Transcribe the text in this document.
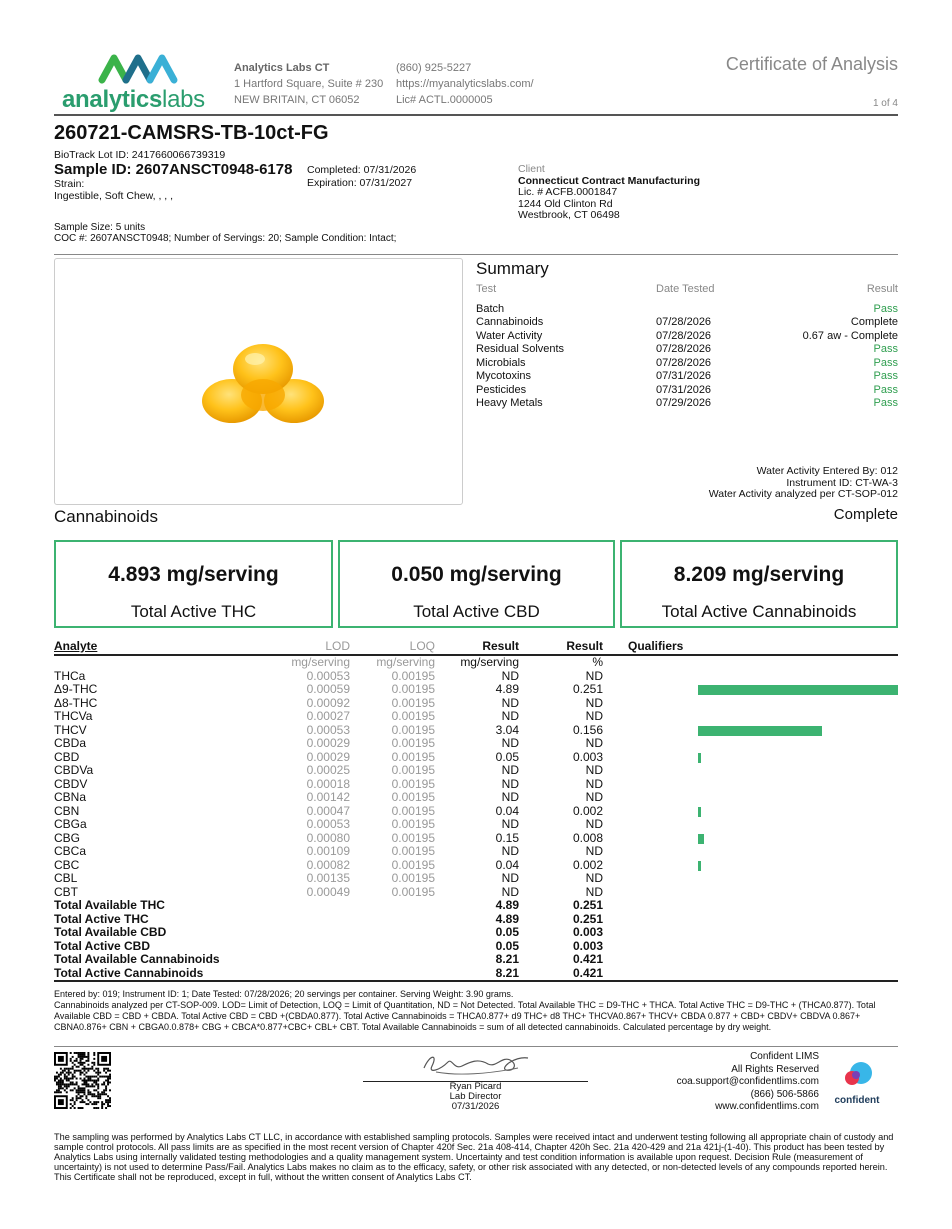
analyticslabs
Analytics Labs CT
1 Hartford Square, Suite # 230
NEW BRITAIN, CT 06052
(860) 925-5227
https://myanalyticslabs.com/
Lic# ACTL.0000005
Certificate of Analysis
1 of 4
260721-CAMSRS-TB-10ct-FG
BioTrack Lot ID: 2417660066739319
Sample ID: 2607ANSCT0948-6178
Strain:
Ingestible, Soft Chew, , , ,
Completed: 07/31/2026
Expiration: 07/31/2027
Client
Connecticut Contract Manufacturing
Lic. # ACFB.0001847
1244 Old Clinton Rd
Westbrook, CT 06498
Sample Size: 5 units
COC #: 2607ANSCT0948; Number of Servings: 20; Sample Condition: Intact;
Summary
Test	Date Tested	Result
Batch	Pass
Cannabinoids	07/28/2026	Complete
Water Activity	07/28/2026	0.67 aw - Complete
Residual Solvents	07/28/2026	Pass
Microbials	07/28/2026	Pass
Mycotoxins	07/31/2026	Pass
Pesticides	07/31/2026	Pass
Heavy Metals	07/29/2026	Pass
Water Activity Entered By: 012
Instrument ID: CT-WA-3
Water Activity analyzed per CT-SOP-012
Cannabinoids	Complete
4.893 mg/serving
Total Active THC
0.050 mg/serving
Total Active CBD
8.209 mg/serving
Total Active Cannabinoids
Analyte	LOD	LOQ	Result	Result Qualifiers
mg/serving mg/serving mg/serving	%
THCa	0.00053	0.00195	ND	ND
Δ9-THC	0.00059	0.00195	4.89	0.251
Δ8-THC	0.00092	0.00195	ND	ND
THCVa	0.00027	0.00195	ND	ND
THCV	0.00053	0.00195	3.04	0.156
CBDa	0.00029	0.00195	ND	ND
CBD	0.00029	0.00195	0.05	0.003
CBDVa	0.00025	0.00195	ND	ND
CBDV	0.00018	0.00195	ND	ND
CBNa	0.00142	0.00195	ND	ND
CBN	0.00047	0.00195	0.04	0.002
CBGa	0.00053	0.00195	ND	ND
CBG	0.00080	0.00195	0.15	0.008
CBCa	0.00109	0.00195	ND	ND
CBC	0.00082	0.00195	0.04	0.002
CBL	0.00135	0.00195	ND	ND
CBT	0.00049	0.00195	ND	ND
Total Available THC	4.89	0.251
Total Active THC	4.89	0.251
Total Available CBD	0.05	0.003
Total Active CBD	0.05	0.003
Total Available Cannabinoids	8.21	0.421
Total Active Cannabinoids	8.21	0.421
Entered by: 019; Instrument ID: 1; Date Tested: 07/28/2026; 20 servings per container. Serving Weight: 3.90 grams.
Cannabinoids analyzed per CT-SOP-009. LOD= Limit of Detection, LOQ = Limit of Quantitation, ND = Not Detected. Total Available THC = D9-THC + THCA. Total Active THC = D9-THC + (THCA0.877). Total Available CBD = CBD + CBDA. Total Active CBD = CBD +(CBDA0.877). Total Active Cannabinoids = THCA0.877+ d9 THC+ d8 THC+ THCVA0.867+ THCV+ CBDA 0.877 + CBD+ CBDV+ CBDVA 0.867+ CBNA0.876+ CBN + CBGA0.0.878+ CBG + CBCA*0.877+CBC+ CBL+ CBT. Total Available Cannabinoids = sum of all detected cannabinoids. Calculated percentage by dry weight.
Ryan Picard
Lab Director
07/31/2026
Confident LIMS
All Rights Reserved
coa.support@confidentlims.com
(866) 506-5866
www.confidentlims.com
confident
The sampling was performed by Analytics Labs CT LLC, in accordance with established sampling protocols. Samples were received intact and underwent testing following all appropriate chain of custody and sample control protocols. All pass limits are as specified in the most recent version of Chapter 420f Sec. 21a 408-414, Chapter 420h Sec. 21a 420-429 and 21a 421j-(1-40). This product has been tested by Analytics Labs using internally validated testing methodologies and a quality management system. Uncertainty and test condition information is available upon request. Decision Rule (measurement of uncertainty) is not used to determine Pass/Fail. Analytics Labs makes no claim as to the efficacy, safety, or other risk associated with any detected, or non-detected levels of any compounds reported herein. This Certificate shall not be reproduced, except in full, without the written consent of Analytics Labs CT.
